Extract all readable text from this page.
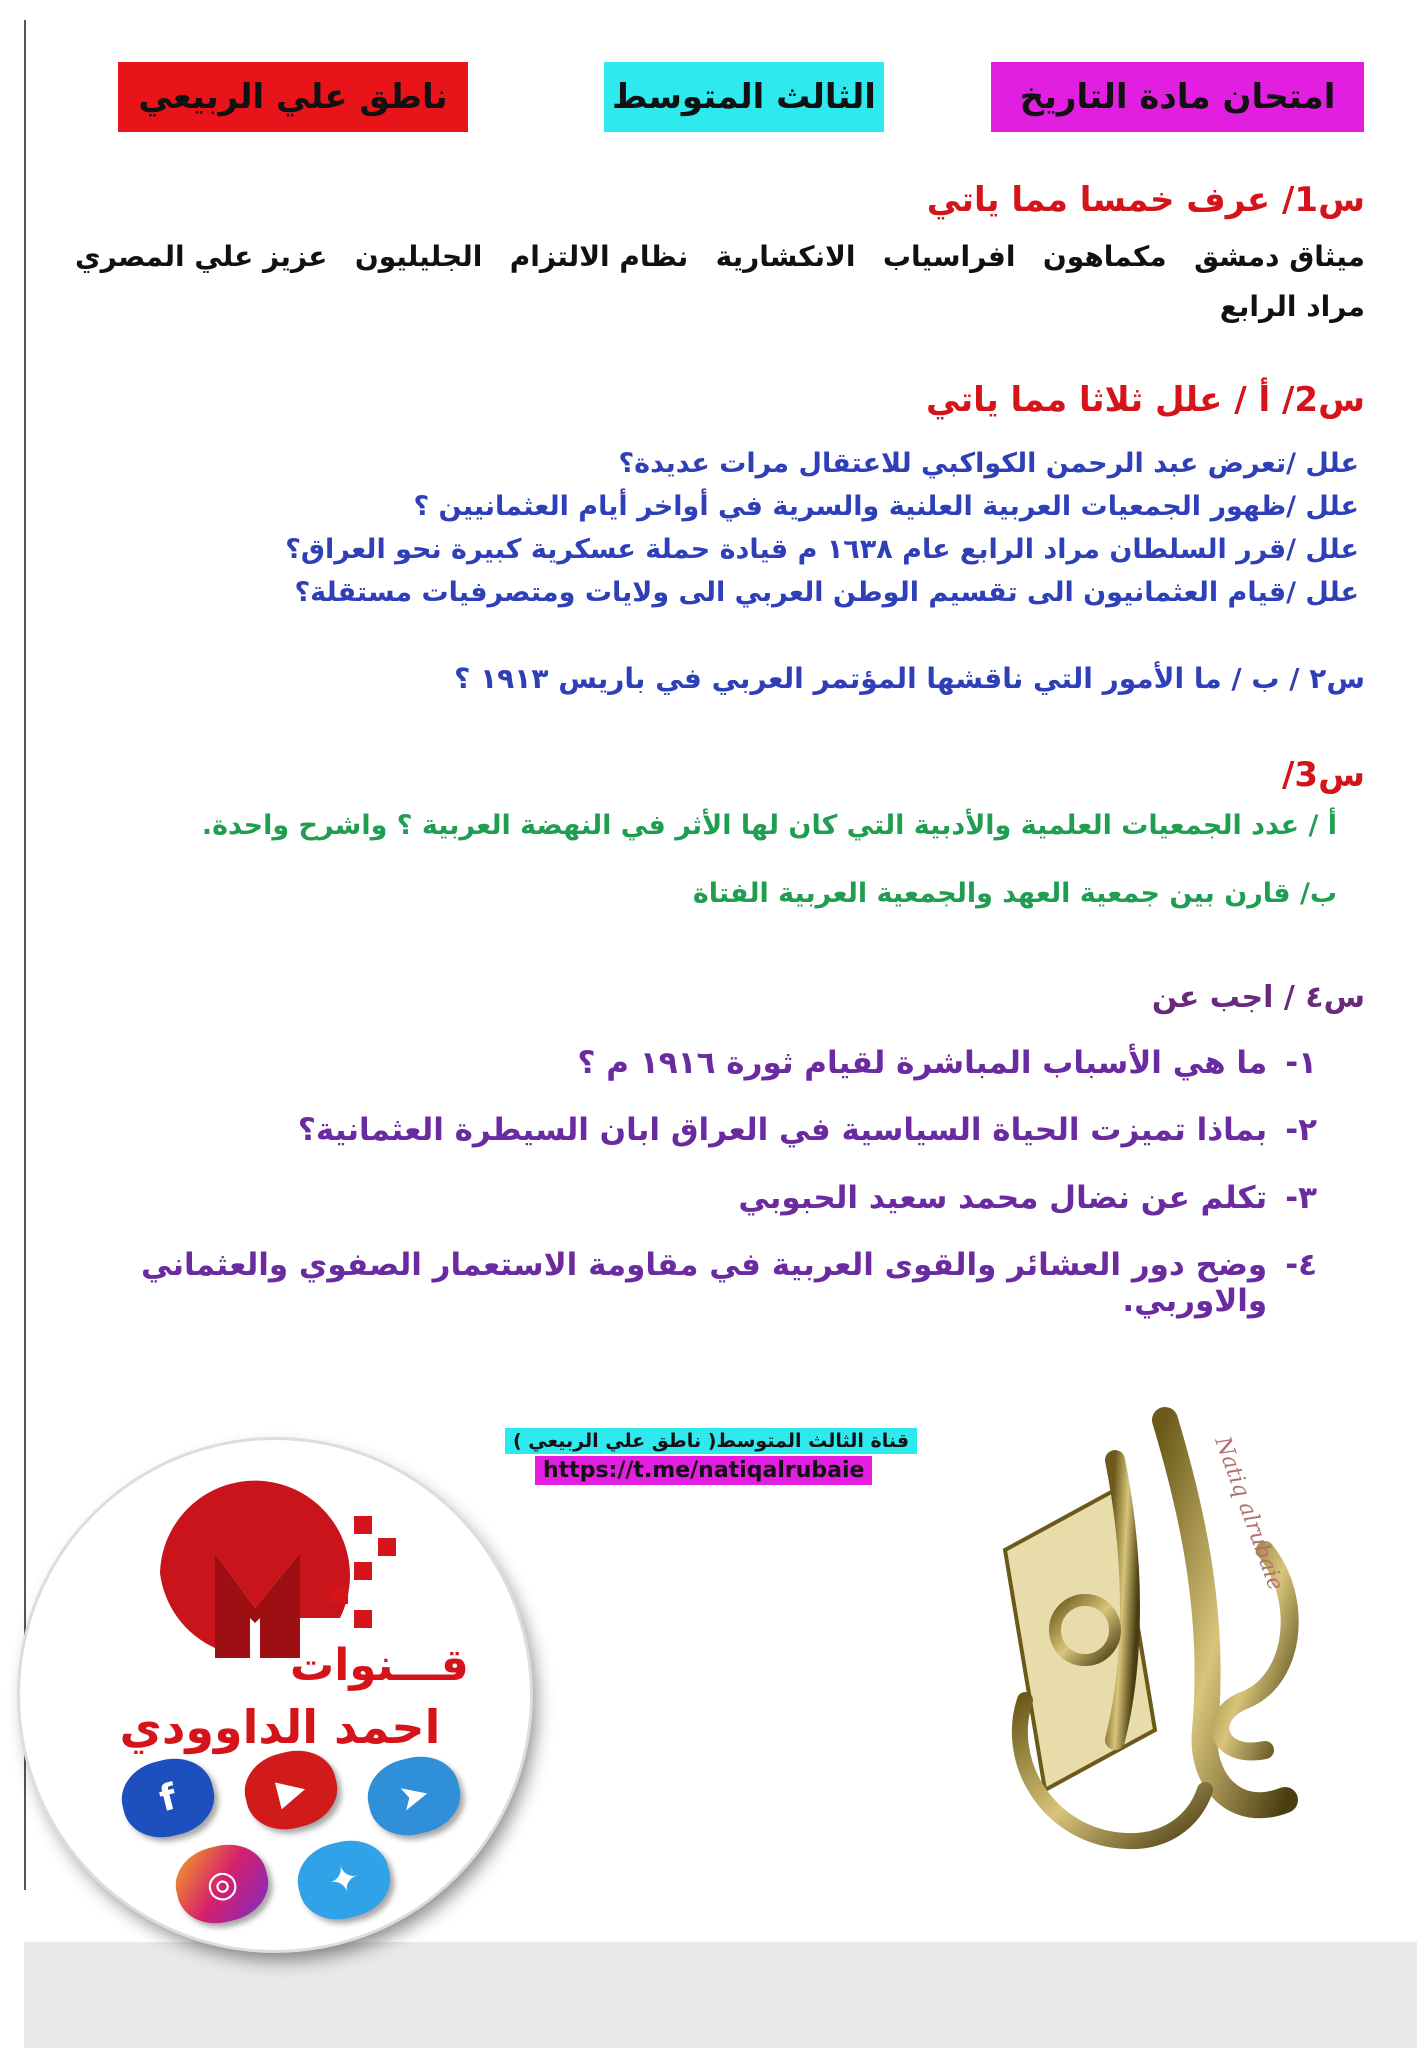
امتحان مادة التاريخ
الثالث المتوسط
ناطق علي الربيعي
س1/ عرف خمسا مما ياتي
ميثاق دمشق
مكماهون
افراسياب
الانكشارية
نظام الالتزام
الجليليون
عزيز علي المصري
مراد الرابع
س2/ أ / علل ثلاثا مما ياتي
علل /تعرض عبد الرحمن الكواكبي للاعتقال مرات عديدة؟
علل /ظهور الجمعيات العربية العلنية والسرية في أواخر أيام العثمانيين ؟
علل /قرر السلطان مراد الرابع عام ١٦٣٨ م قيادة حملة عسكرية كبيرة نحو العراق؟
علل /قيام العثمانيون الى تقسيم الوطن العربي الى ولايات ومتصرفيات مستقلة؟
س٢ / ب / ما الأمور التي ناقشها المؤتمر العربي في باريس ١٩١٣ ؟
س3/
أ / عدد الجمعيات العلمية والأدبية التي كان لها الأثر في النهضة العربية ؟ واشرح واحدة.
ب/ قارن بين جمعية العهد والجمعية العربية الفتاة
س٤ / اجب عن
١-
ما هي الأسباب المباشرة لقيام ثورة ١٩١٦ م ؟
٢-
بماذا تميزت الحياة السياسية في العراق ابان السيطرة العثمانية؟
٣-
تكلم عن نضال محمد سعيد الحبوبي
٤-
وضح دور العشائر والقوى العربية في مقاومة الاستعمار الصفوي والعثماني والاوربي.
قناة الثالث المتوسط( ناطق علي الربيعي )
https://t.me/natiqalrubaie	Natiq alrubaie
قـــنوات
احمد الداوودي
f	▶	➤
◎	✦
